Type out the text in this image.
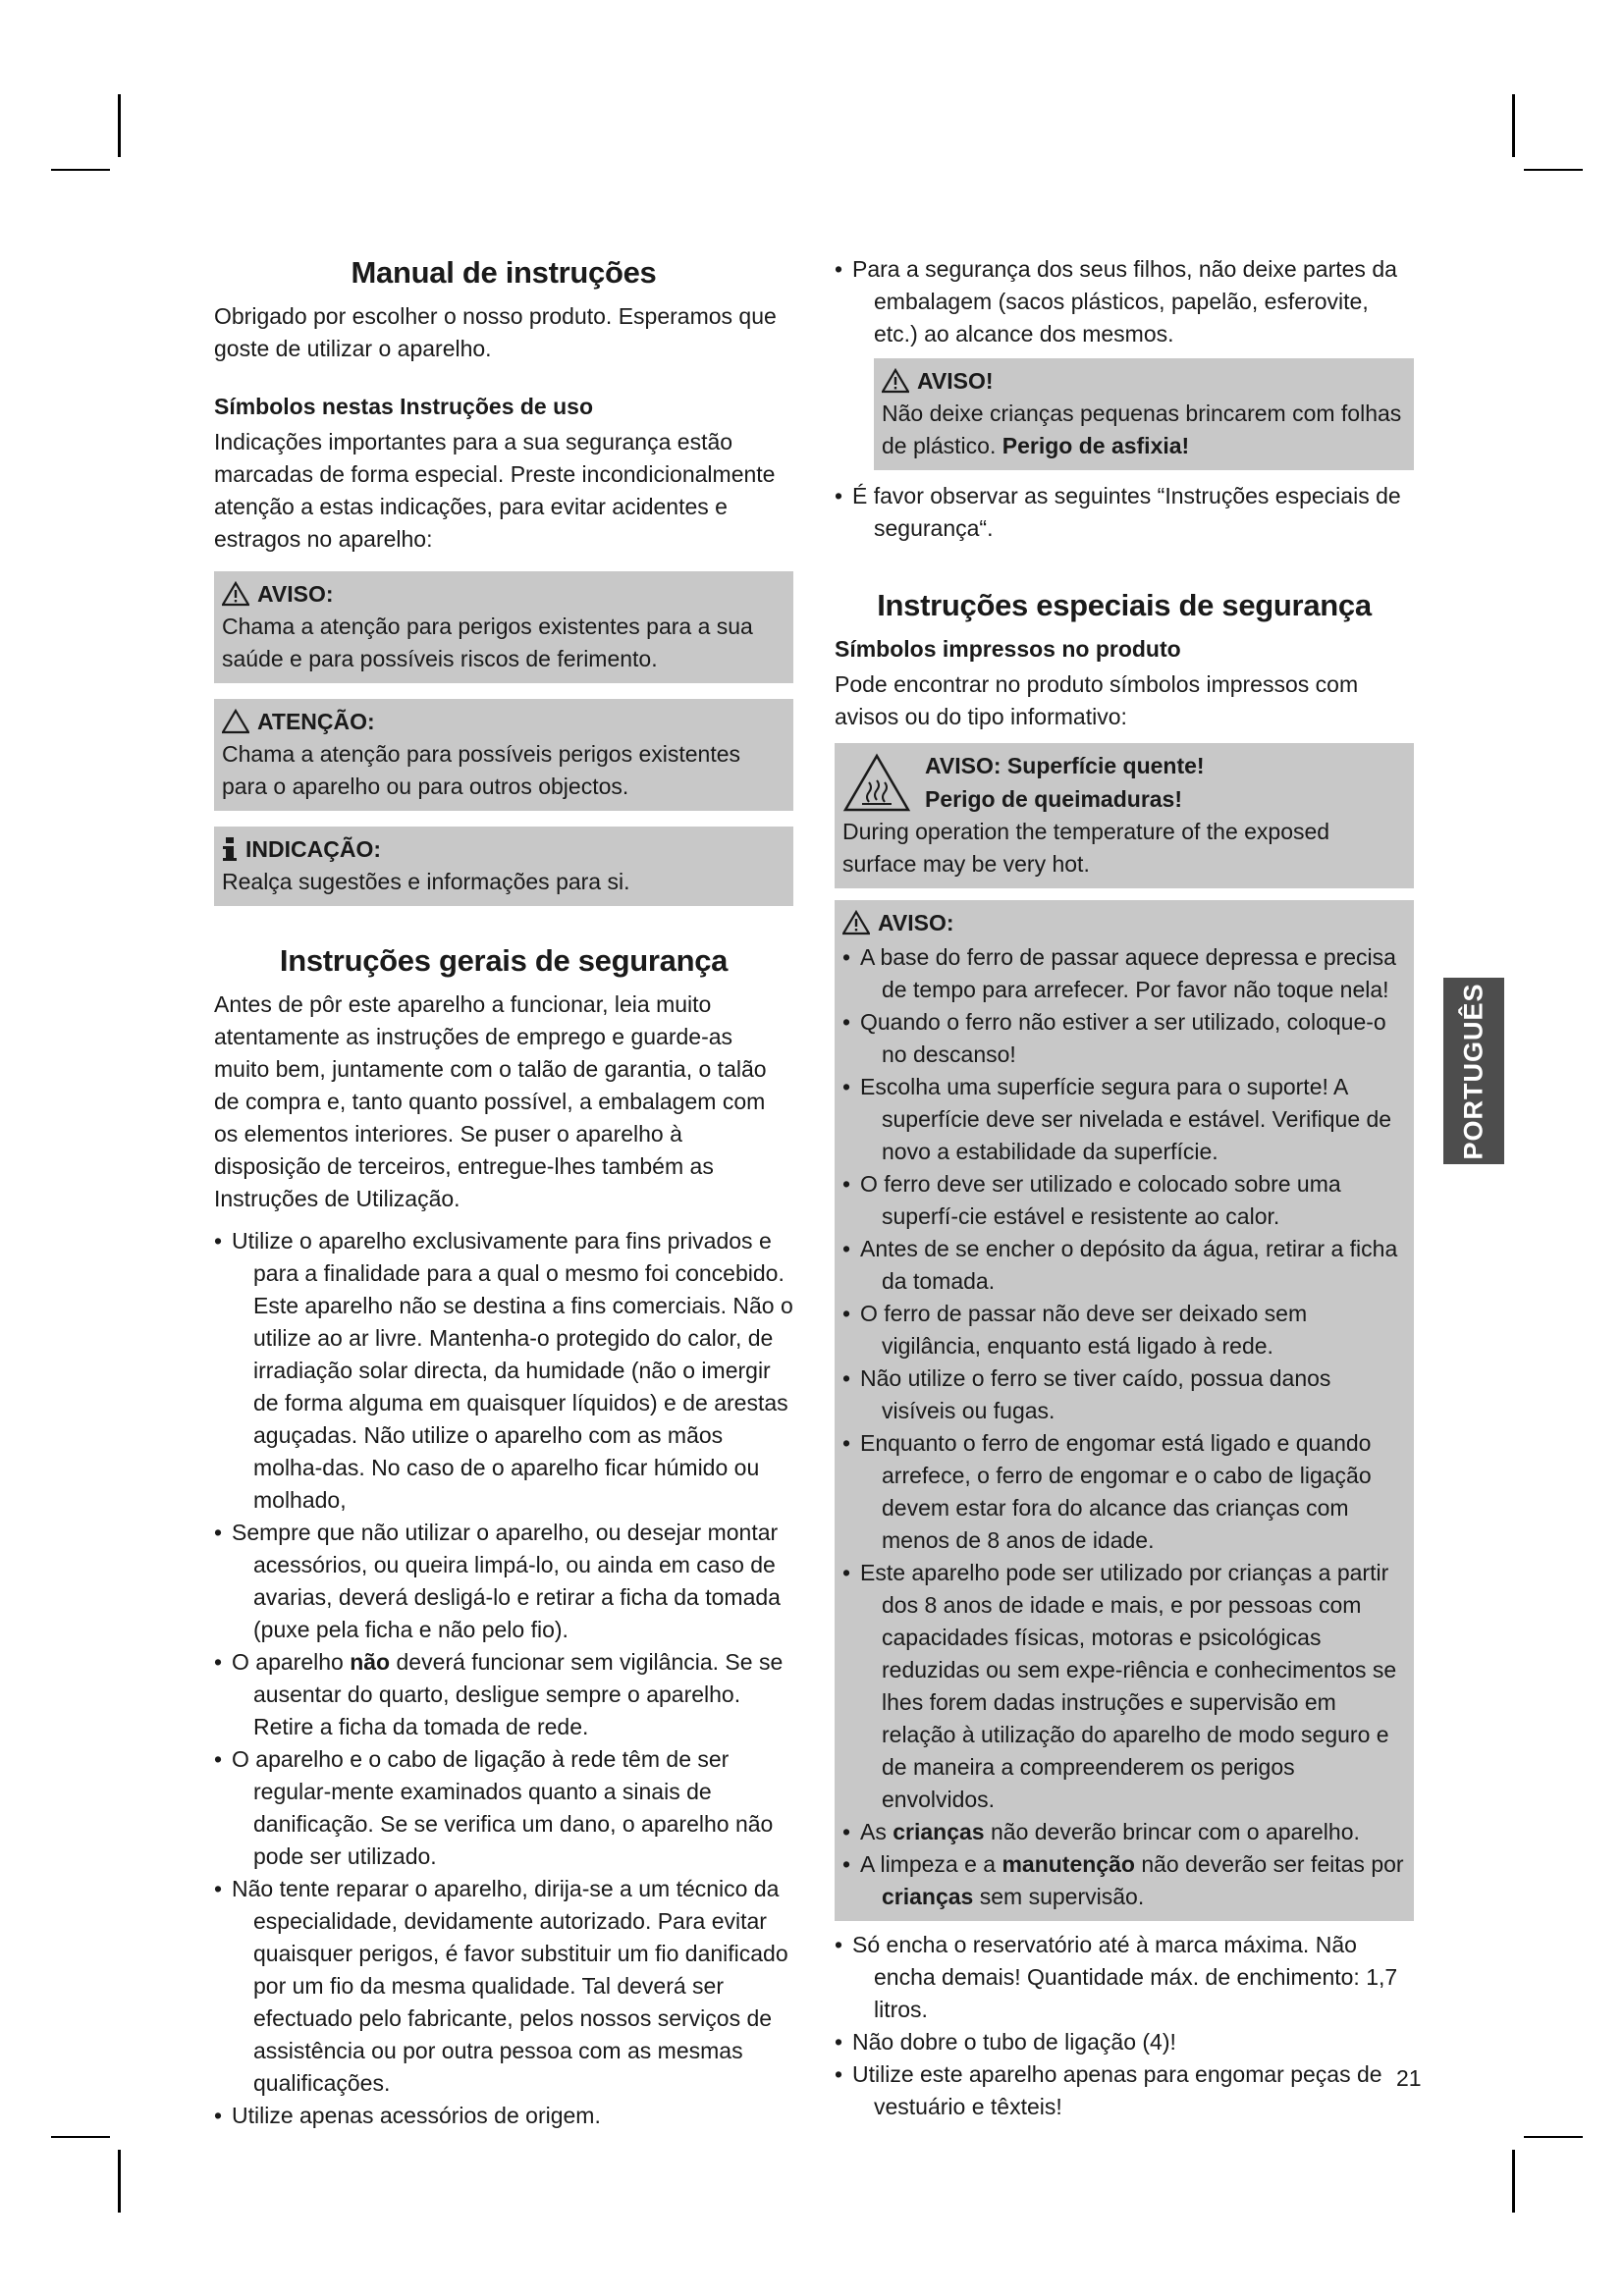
Manual de instruções

Obrigado por escolher o nosso produto. Esperamos que goste de utilizar o aparelho.

Símbolos nestas Instruções de uso

Indicações importantes para a sua segurança estão marcadas de forma especial. Preste incondicionalmente atenção a estas indicações, para evitar acidentes e estragos no aparelho:

AVISO:

Chama a atenção para perigos existentes para a sua saúde e para possíveis riscos de ferimento.

ATENÇÃO:

Chama a atenção para possíveis perigos existentes para o aparelho ou para outros objectos.

INDICAÇÃO:

Realça sugestões e informações para si.

Instruções gerais de segurança

Antes de pôr este aparelho a funcionar, leia muito atentamente as instruções de emprego e guarde-as muito bem, juntamente com o talão de garantia, o talão de compra e, tanto quanto possível, a embalagem com os elementos interiores. Se puser o aparelho à disposição de terceiros, entregue-lhes também as Instruções de Utilização.

• Utilize o aparelho exclusivamente para fins privados e para a finalidade para a qual o mesmo foi concebido. Este aparelho não se destina a fins comerciais. Não o utilize ao ar livre. Mantenha-o protegido do calor, de irradiação solar directa, da humidade (não o imergir de forma alguma em quaisquer líquidos) e de arestas aguçadas. Não utilize o aparelho com as mãos molha-das. No caso de o aparelho ficar húmido ou molhado,
• Sempre que não utilizar o aparelho, ou desejar montar acessórios, ou queira limpá-lo, ou ainda em caso de avarias, deverá desligá-lo e retirar a ficha da tomada (puxe pela ficha e não pelo fio).
• O aparelho não deverá funcionar sem vigilância. Se se ausentar do quarto, desligue sempre o aparelho. Retire a ficha da tomada de rede.
• O aparelho e o cabo de ligação à rede têm de ser regular-mente examinados quanto a sinais de danificação. Se se verifica um dano, o aparelho não pode ser utilizado.
• Não tente reparar o aparelho, dirija-se a um técnico da especialidade, devidamente autorizado. Para evitar quaisquer perigos, é favor substituir um fio danificado por um fio da mesma qualidade. Tal deverá ser efectuado pelo fabricante, pelos nossos serviços de assistência ou por outra pessoa com as mesmas qualificações.
• Utilize apenas acessórios de origem.
• Para a segurança dos seus filhos, não deixe partes da embalagem (sacos plásticos, papelão, esferovite, etc.) ao alcance dos mesmos.
AVISO!

Não deixe crianças pequenas brincarem com folhas de plástico. Perigo de asfixia!

• É favor observar as seguintes “Instruções especiais de segurança“.
Instruções especiais de segurança
Símbolos impressos no produto

Pode encontrar no produto símbolos impressos com avisos ou do tipo informativo:

AVISO: Superfície quente!
Perigo de queimaduras!

During operation the temperature of the exposed surface may be very hot.

AVISO:
• A base do ferro de passar aquece depressa e precisa de tempo para arrefecer. Por favor não toque nela!
• Quando o ferro não estiver a ser utilizado, coloque-o no descanso!
• Escolha uma superfície segura para o suporte! A superfície deve ser nivelada e estável. Verifique de novo a estabilidade da superfície.
• O ferro deve ser utilizado e colocado sobre uma superfí-cie estável e resistente ao calor.
• Antes de se encher o depósito da água, retirar a ficha da tomada.
• O ferro de passar não deve ser deixado sem vigilância, enquanto está ligado à rede.
• Não utilize o ferro se tiver caído, possua danos visíveis ou fugas.
• Enquanto o ferro de engomar está ligado e quando arrefece, o ferro de engomar e o cabo de ligação devem estar fora do alcance das crianças com menos de 8 anos de idade.
• Este aparelho pode ser utilizado por crianças a partir dos 8 anos de idade e mais, e por pessoas com capacidades físicas, motoras e psicológicas reduzidas ou sem expe-riência e conhecimentos se lhes forem dadas instruções e supervisão em relação à utilização do aparelho de modo seguro e de maneira a compreenderem os perigos envolvidos.
• As crianças não deverão brincar com o aparelho.
• A limpeza e a manutenção não deverão ser feitas por crianças sem supervisão.
• Só encha o reservatório até à marca máxima. Não encha demais! Quantidade máx. de enchimento: 1,7 litros.
• Não dobre o tubo de ligação (4)!
• Utilize este aparelho apenas para engomar peças de vestuário e têxteis!
PORTUGUÊS
21
